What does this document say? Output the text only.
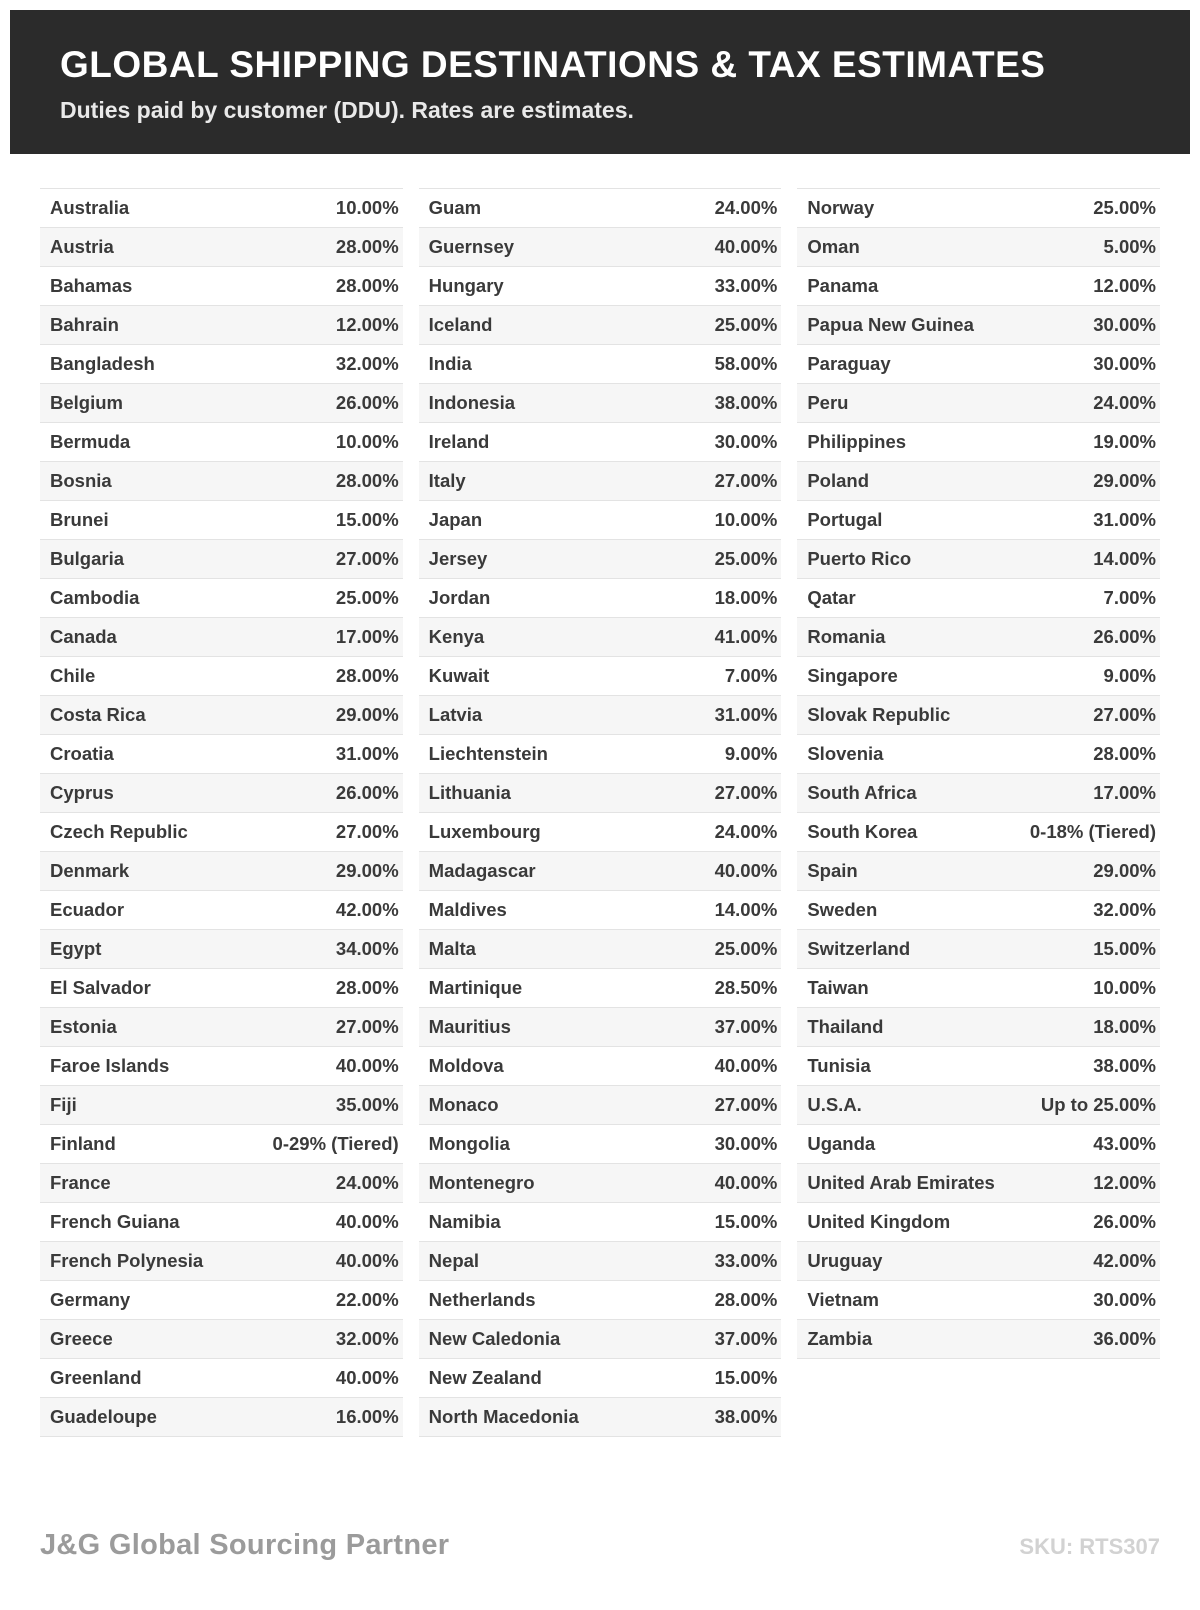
GLOBAL SHIPPING DESTINATIONS & TAX ESTIMATES
Duties paid by customer (DDU). Rates are estimates.
Australia	10.00%
Austria	28.00%
Bahamas	28.00%
Bahrain	12.00%
Bangladesh	32.00%
Belgium	26.00%
Bermuda	10.00%
Bosnia	28.00%
Brunei	15.00%
Bulgaria	27.00%
Cambodia	25.00%
Canada	17.00%
Chile	28.00%
Costa Rica	29.00%
Croatia	31.00%
Cyprus	26.00%
Czech Republic	27.00%
Denmark	29.00%
Ecuador	42.00%
Egypt	34.00%
El Salvador	28.00%
Estonia	27.00%
Faroe Islands	40.00%
Fiji	35.00%
Finland	0-29% (Tiered)
France	24.00%
French Guiana	40.00%
French Polynesia	40.00%
Germany	22.00%
Greece	32.00%
Greenland	40.00%
Guadeloupe	16.00%
Guam	24.00%
Guernsey	40.00%
Hungary	33.00%
Iceland	25.00%
India	58.00%
Indonesia	38.00%
Ireland	30.00%
Italy	27.00%
Japan	10.00%
Jersey	25.00%
Jordan	18.00%
Kenya	41.00%
Kuwait	7.00%
Latvia	31.00%
Liechtenstein	9.00%
Lithuania	27.00%
Luxembourg	24.00%
Madagascar	40.00%
Maldives	14.00%
Malta	25.00%
Martinique	28.50%
Mauritius	37.00%
Moldova	40.00%
Monaco	27.00%
Mongolia	30.00%
Montenegro	40.00%
Namibia	15.00%
Nepal	33.00%
Netherlands	28.00%
New Caledonia	37.00%
New Zealand	15.00%
North Macedonia	38.00%
Norway	25.00%
Oman	5.00%
Panama	12.00%
Papua New Guinea	30.00%
Paraguay	30.00%
Peru	24.00%
Philippines	19.00%
Poland	29.00%
Portugal	31.00%
Puerto Rico	14.00%
Qatar	7.00%
Romania	26.00%
Singapore	9.00%
Slovak Republic	27.00%
Slovenia	28.00%
South Africa	17.00%
South Korea	0-18% (Tiered)
Spain	29.00%
Sweden	32.00%
Switzerland	15.00%
Taiwan	10.00%
Thailand	18.00%
Tunisia	38.00%
U.S.A.	Up to 25.00%
Uganda	43.00%
United Arab Emirates	12.00%
United Kingdom	26.00%
Uruguay	42.00%
Vietnam	30.00%
Zambia	36.00%
J&G Global Sourcing Partner	SKU: RTS307
